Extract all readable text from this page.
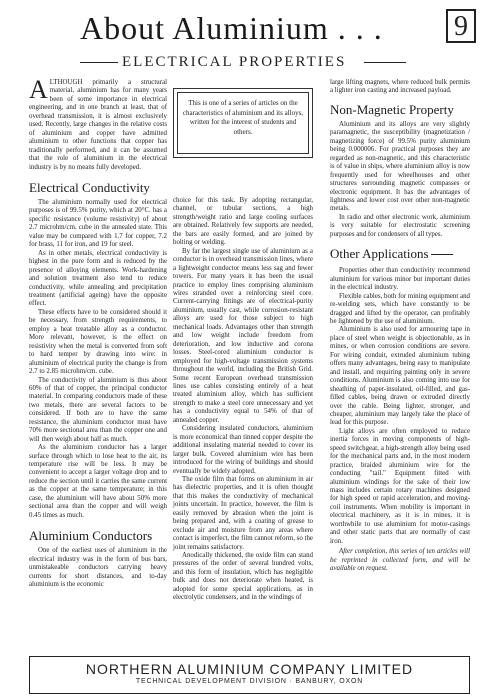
About Aluminium . . .	9
ELECTRICAL PROPERTIES

ALTHOUGH primarily a structural material, aluminium has for many years been of some importance in electrical engineering, and in one branch at least, that of overhead transmission, it is almost exclusively used. Recently, large changes in the relative costs of aluminium and copper have admitted aluminium to other functions that copper has traditionally performed, and it can be assumed that the role of aluminium in the electrical industry is by no means fully developed.

Electrical Conductivity

The aluminium normally used for electrical purposes is of 99.5% purity, which at 20°C. has a specific resistance (volume resistivity) of about 2.7 microhm/cm. cube in the annealed state. This value may be compared with 1.7 for copper, 7.2 for brass, 11 for iron, and 19 for steel.

As in other metals, electrical conductivity is highest in the pure form and is reduced by the presence of alloying elements. Work-hardening and solution treatment also tend to reduce conductivity, while annealing and precipitation treatment (artificial ageing) have the opposite effect.

These effects have to be considered should it be necessary, from strength requirements, to employ a heat treatable alloy as a conductor. More relevant, however, is the effect on resistivity when the metal is converted from soft to hard temper by drawing into wire: in aluminium of electrical purity the change is from 2.7 to 2.85 microhm/cm. cube.

The conductivity of aluminium is thus about 60% of that of copper, the principal conductor material. In comparing conductors made of these two metals, there are several factors to be considered. If both are to have the same resistance, the aluminium conductor must have 70% more sectional area than the copper one and will then weigh about half as much.

As the aluminium conductor has a larger surface through which to lose heat to the air, its temperature rise will be less. It may be convenient to accept a larger voltage drop and to reduce the section until it carries the same current as the copper at the same temperature; in this case, the aluminium will have about 50% more sectional area than the copper and will weigh 0.45 times as much.

Aluminium Conductors

One of the earliest uses of aluminium in the electrical industry was in the form of bus bars, unmistakeable conductors carrying heavy currents for short distances, and to-day aluminium is the economic

This is one of a series of articles on the characteristics of aluminium and its alloys, written for the interest of students and others.

choice for this task. By adopting rectangular, channel, or tubular sections, a high strength/weight ratio and large cooling surfaces are obtained. Relatively few supports are needed, the bars are easily formed, and are joined by bolting or welding.

By far the largest single use of aluminium as a conductor is in overhead transmission lines, where a lightweight conductor means less sag and fewer towers. For many years it has been the usual practice to employ lines comprising aluminium wires stranded over a reinforcing steel core. Current-carrying fittings are of electrical-purity aluminium, usually cast, while corrosion-resistant alloys are used for those subject to high mechanical loads. Advantages other than strength and low weight include freedom from deterioration, and low inductive and corona losses. Steel-cored aluminium conductor is employed for high-voltage transmission systems throughout the world, including the British Grid. Some recent European overhead transmission lines use cables consisting entirely of a heat treated aluminium alloy, which has sufficient strength to make a steel core unnecessary and yet has a conductivity equal to 54% of that of annealed copper.

Considering insulated conductors, aluminium is more economical than tinned copper despite the additional insulating material needed to cover its larger bulk. Covered aluminium wire has been introduced for the wiring of buildings and should eventually be widely adopted.

The oxide film that forms on aluminium in air has dielectric properties, and it is often thought that this makes the conductivity of mechanical joints uncertain. In practice, however, the film is easily removed by abrasion when the joint is being prepared and, with a coating of grease to exclude air and moisture from any areas where contact is imperfect, the film cannot reform, so the joint remains satisfactory.

Anodically thickened, the oxide film can stand pressures of the order of several hundred volts, and this form of insulation, which has negligible bulk and does not deteriorate when heated, is adopted for some special applications, as in electrolytic condensers, and in the windings of

large lifting magnets, where reduced bulk permits a lighter iron casting and increased payload.

Non-Magnetic Property

Aluminium and its alloys are very slightly paramagnetic, the susceptibility (magnetization / magnetizing force) of 99.5% purity aluminium being 0.000006. For practical purposes they are regarded as non-magnetic, and this characteristic is of value in ships, where aluminium alloy is now frequently used for wheelhouses and other structures surrounding magnetic compasses or electronic equipment. It has the advantages of lightness and lower cost over other non-magnetic metals.

In radio and other electronic work, aluminium is very suitable for electrostatic screening purposes and for condensers of all types.

Other Applications

Properties other than conductivity recommend aluminium for various minor but important duties in the electrical industry.

Flexible cables, both for mining equipment and re-welding sets, which have constantly to be dragged and lifted by the operator, can profitably be lightened by the use of aluminium.

Aluminium is also used for armouring tape in place of steel when weight is objectionable, as in mines, or when corrosion conditions are severe. For wiring conduit, extruded aluminium tubing offers many advantages, being easy to manipulate and install, and requiring painting only in severe conditions. Aluminium is also coming into use for sheathing of paper-insulated, oil-filled, and gas-filled cables, being drawn or extruded directly over the cable. Being lighter, stronger, and cheaper, aluminium may largely take the place of lead for this purpose.

Light alloys are often employed to reduce inertia forces in moving components of high-speed switchgear, a high-strength alloy being used for the mechanical parts and, in the most modern practice, braided aluminium wire for the conducting "tail." Equipment fitted with aluminium windings for the sake of their low mass includes certain rotary machines designed for high speed or rapid acceleration, and moving-coil instruments. When mobility is important in electrical machinery, as it is in mines, it is worthwhile to use aluminium for motor-casings and other static parts that are normally of cast iron.

After completion, this series of ten articles will be reprinted in collected form, and will be available on request.

NORTHERN ALUMINIUM COMPANY LIMITED
TECHNICAL DEVELOPMENT DIVISION · BANBURY, OXON
